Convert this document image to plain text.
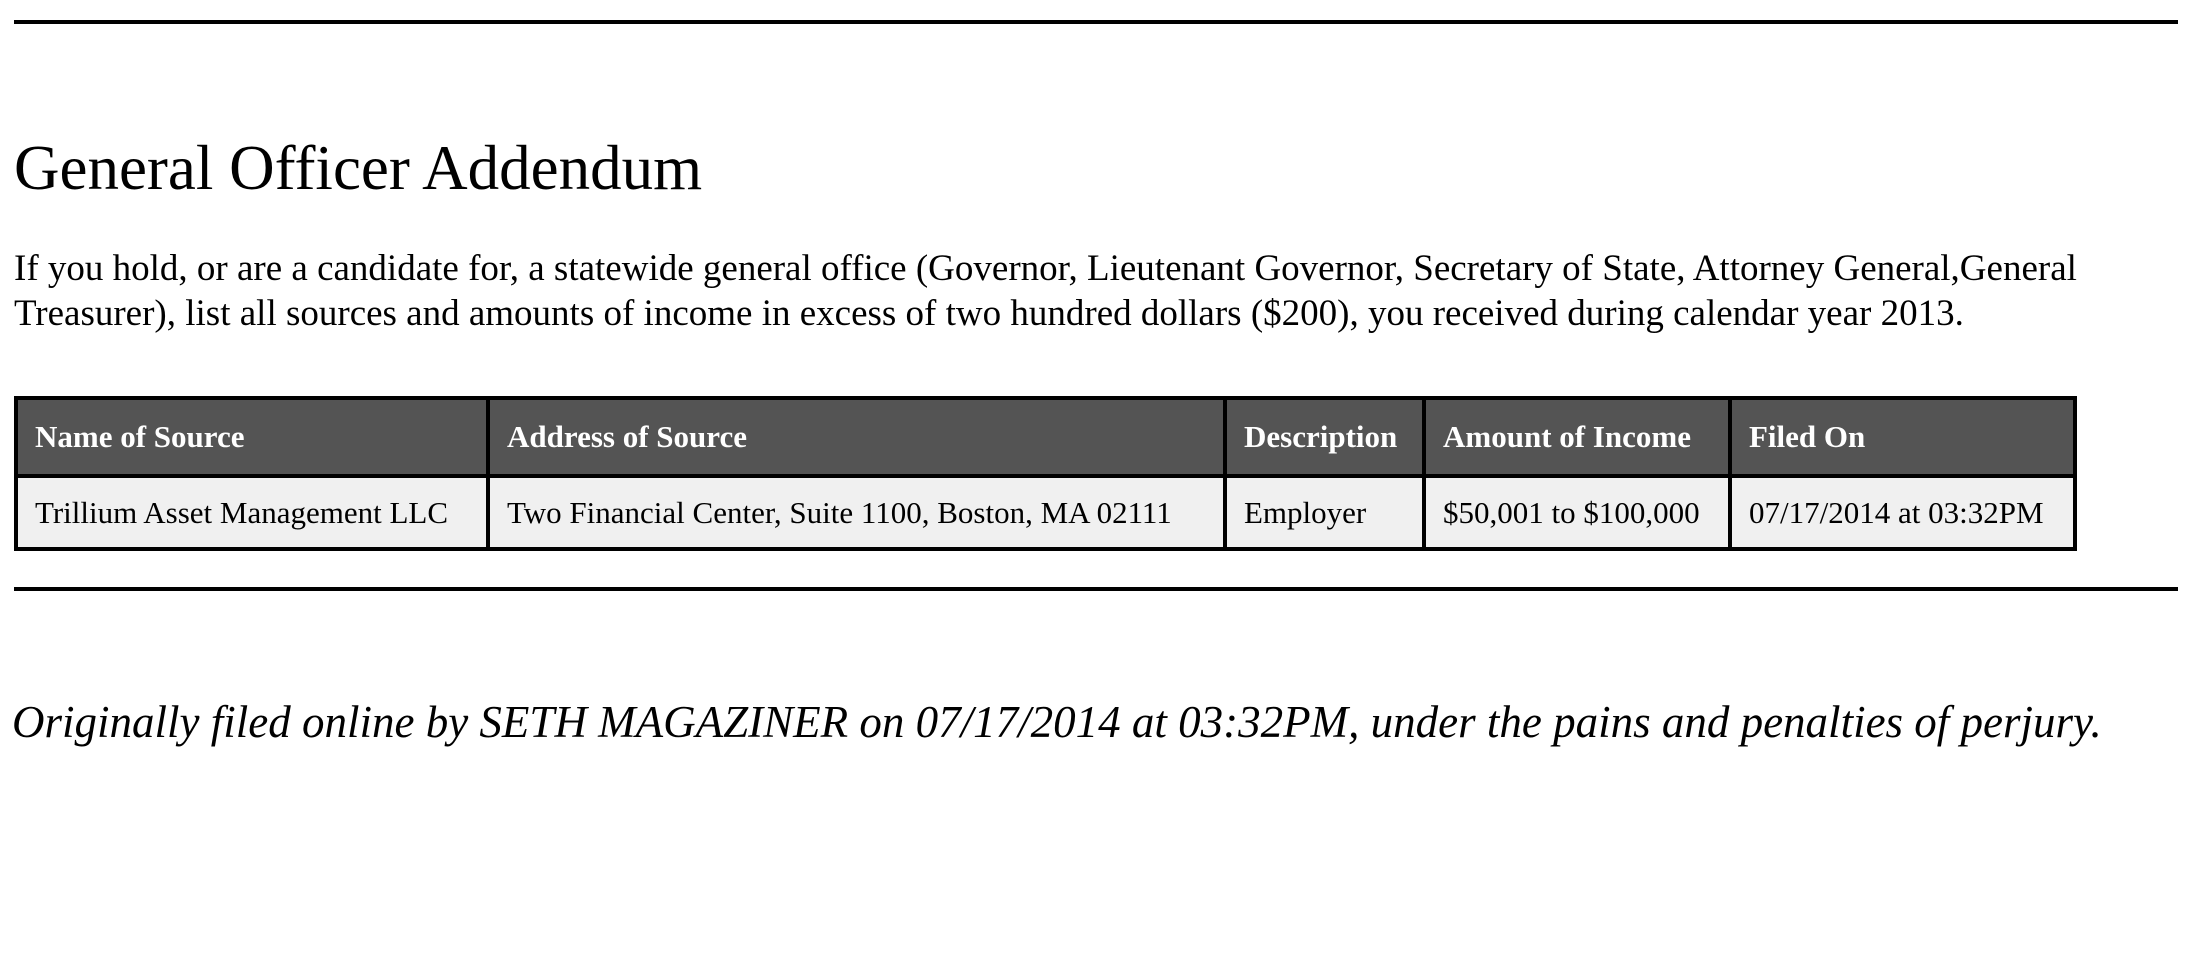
General Officer Addendum

If you hold, or are a candidate for, a statewide general office (Governor, Lieutenant Governor, Secretary of State, Attorney General,General Treasurer), list all sources and amounts of income in excess of two hundred dollars ($200), you received during calendar year 2013.

Name of Source	Address of Source	Description	Amount of Income	Filed On
Trillium Asset Management LLC	Two Financial Center, Suite 1100, Boston, MA 02111	Employer	$50,001 to $100,000	07/17/2014 at 03:32PM

Originally filed online by SETH MAGAZINER on 07/17/2014 at 03:32PM, under the pains and penalties of perjury.
